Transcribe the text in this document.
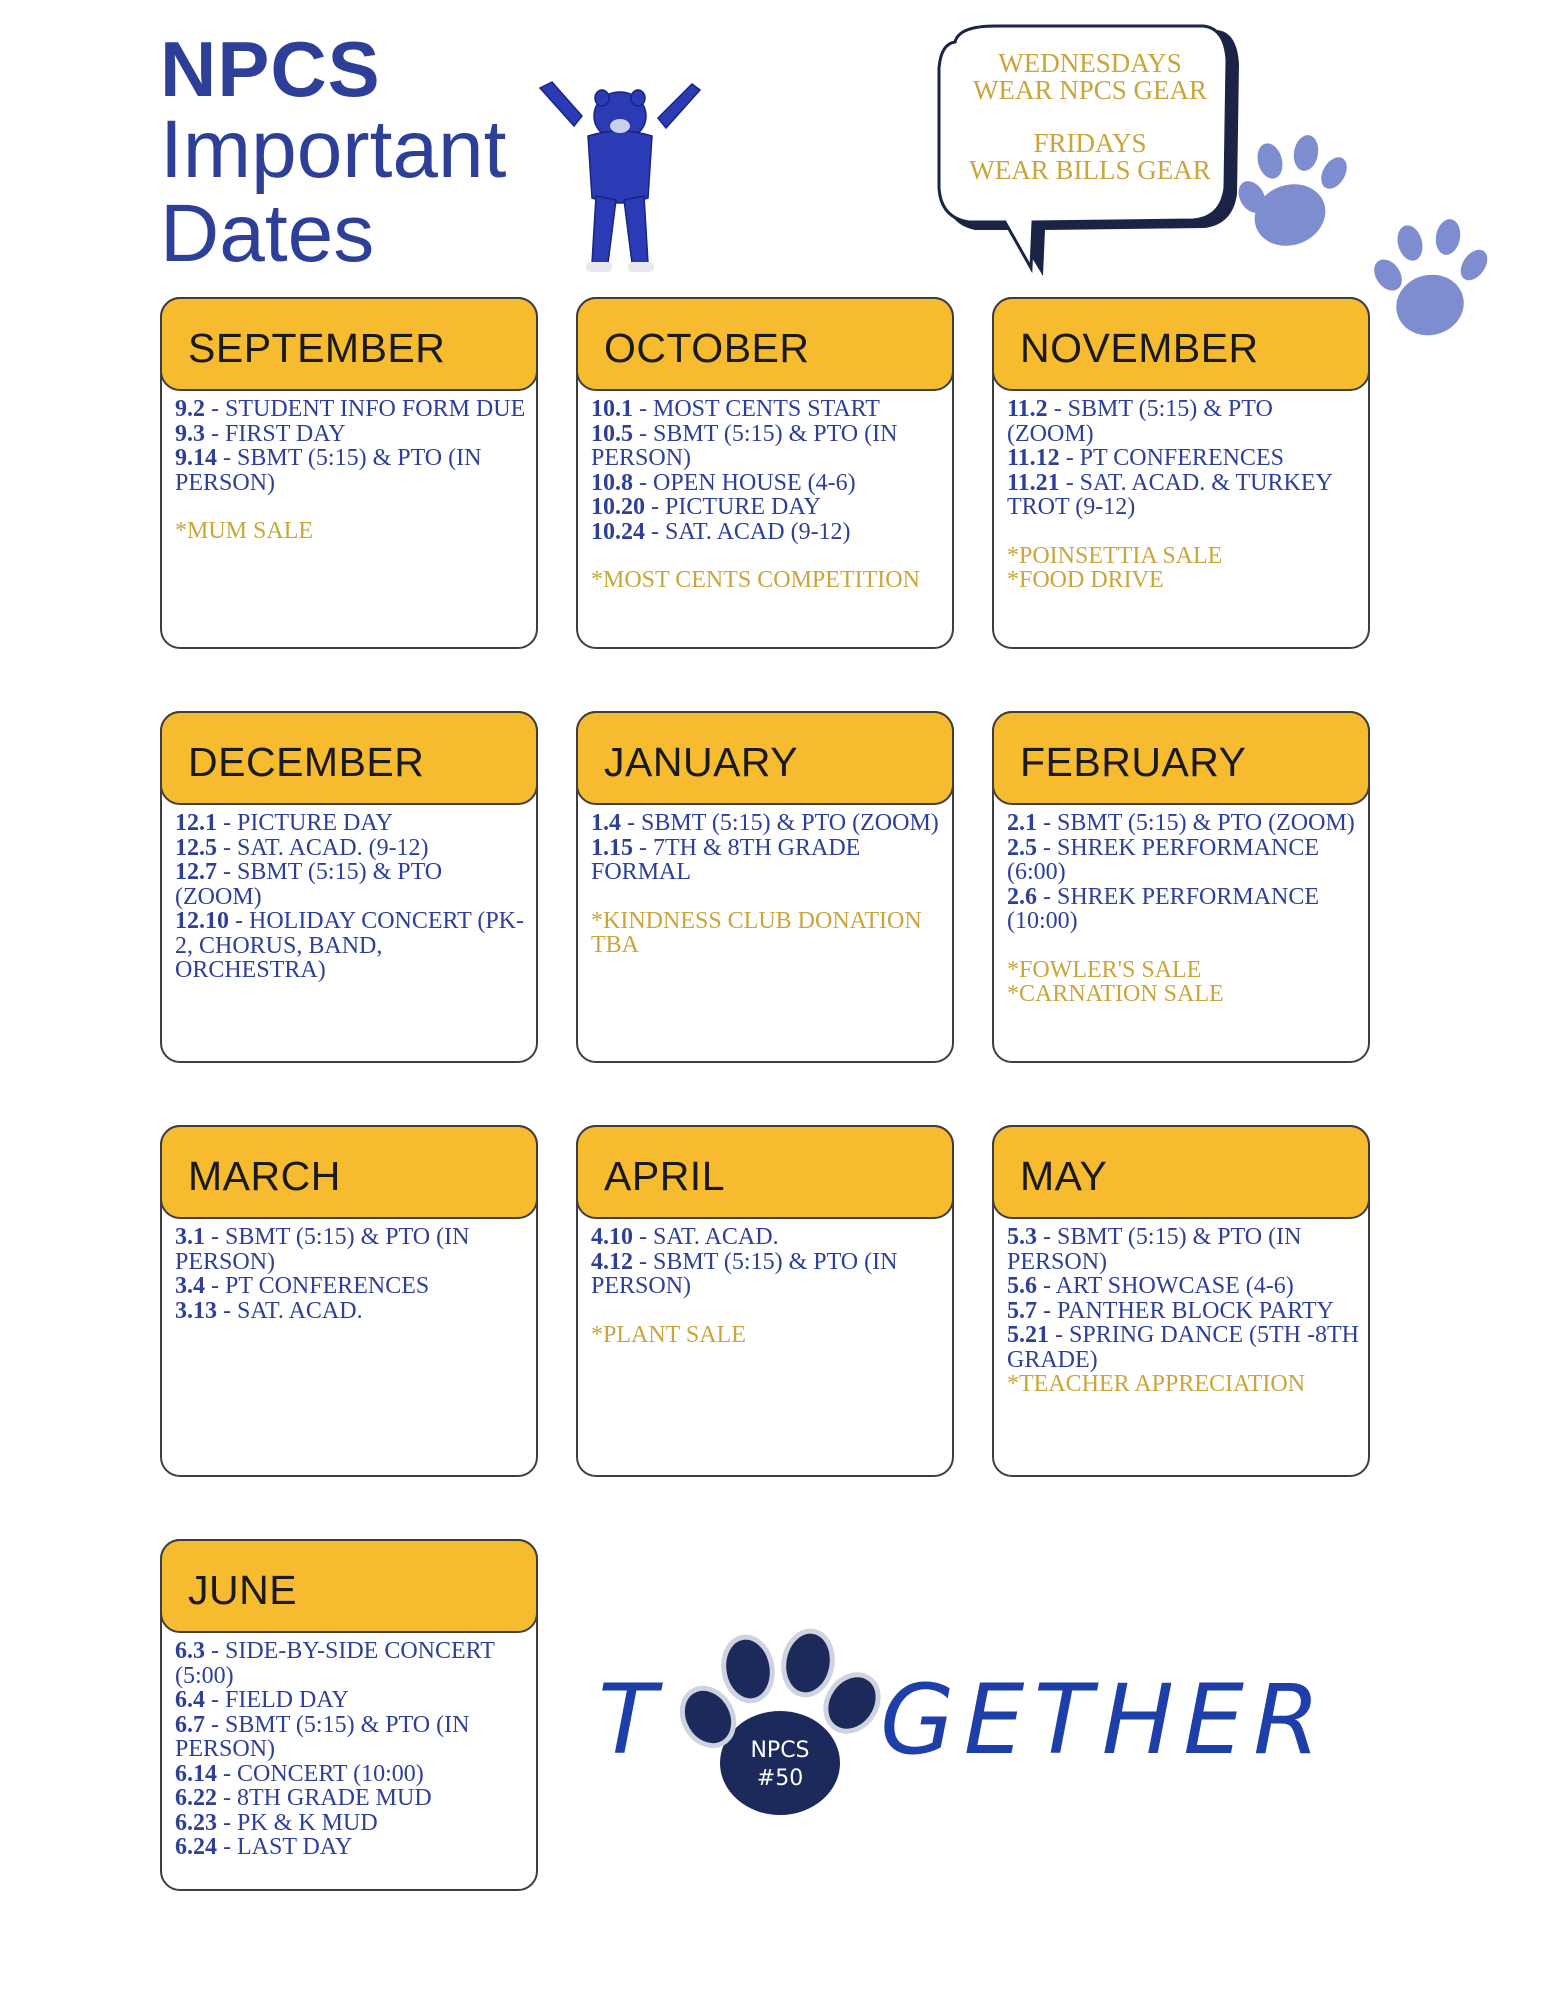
NPCS
Important
Dates
WEDNESDAYS
WEAR NPCS GEAR
FRIDAYS
WEAR BILLS GEAR
SEPTEMBER
9.2 - STUDENT INFO FORM DUE
9.3 - FIRST DAY
9.14 - SBMT (5:15) & PTO (IN PERSON)
*MUM SALE
OCTOBER
10.1 - MOST CENTS START
10.5 - SBMT (5:15) & PTO (IN PERSON)
10.8 - OPEN HOUSE (4-6)
10.20 - PICTURE DAY
10.24 - SAT. ACAD (9-12)
*MOST CENTS COMPETITION
NOVEMBER
11.2 - SBMT (5:15) & PTO (ZOOM)
11.12 - PT CONFERENCES
11.21 - SAT. ACAD. & TURKEY TROT (9-12)
*POINSETTIA SALE
*FOOD DRIVE
DECEMBER
12.1 - PICTURE DAY
12.5 - SAT. ACAD. (9-12)
12.7 - SBMT (5:15) & PTO (ZOOM)
12.10 - HOLIDAY CONCERT (PK-2, CHORUS, BAND, ORCHESTRA)
JANUARY
1.4 - SBMT (5:15) & PTO (ZOOM)
1.15 - 7TH & 8TH GRADE FORMAL
*KINDNESS CLUB DONATION TBA
FEBRUARY
2.1 - SBMT (5:15) & PTO (ZOOM)
2.5 - SHREK PERFORMANCE (6:00)
2.6 - SHREK PERFORMANCE (10:00)
*FOWLER'S SALE
*CARNATION SALE
MARCH
3.1 - SBMT (5:15) & PTO (IN PERSON)
3.4 - PT CONFERENCES
3.13 - SAT. ACAD.
APRIL
4.10 - SAT. ACAD.
4.12 - SBMT (5:15) & PTO (IN PERSON)
*PLANT SALE
MAY
5.3 - SBMT (5:15) & PTO (IN PERSON)
5.6 - ART SHOWCASE (4-6)
5.7 - PANTHER BLOCK PARTY
5.21 - SPRING DANCE (5TH -8TH GRADE)
*TEACHER APPRECIATION
JUNE
6.3 - SIDE-BY-SIDE CONCERT (5:00)
6.4 - FIELD DAY
6.7 - SBMT (5:15) & PTO (IN PERSON)
6.14 - CONCERT (10:00)
6.22 - 8TH GRADE MUD
6.23 - PK & K MUD
6.24 - LAST DAY
T	NPCS
#50
GETHER
